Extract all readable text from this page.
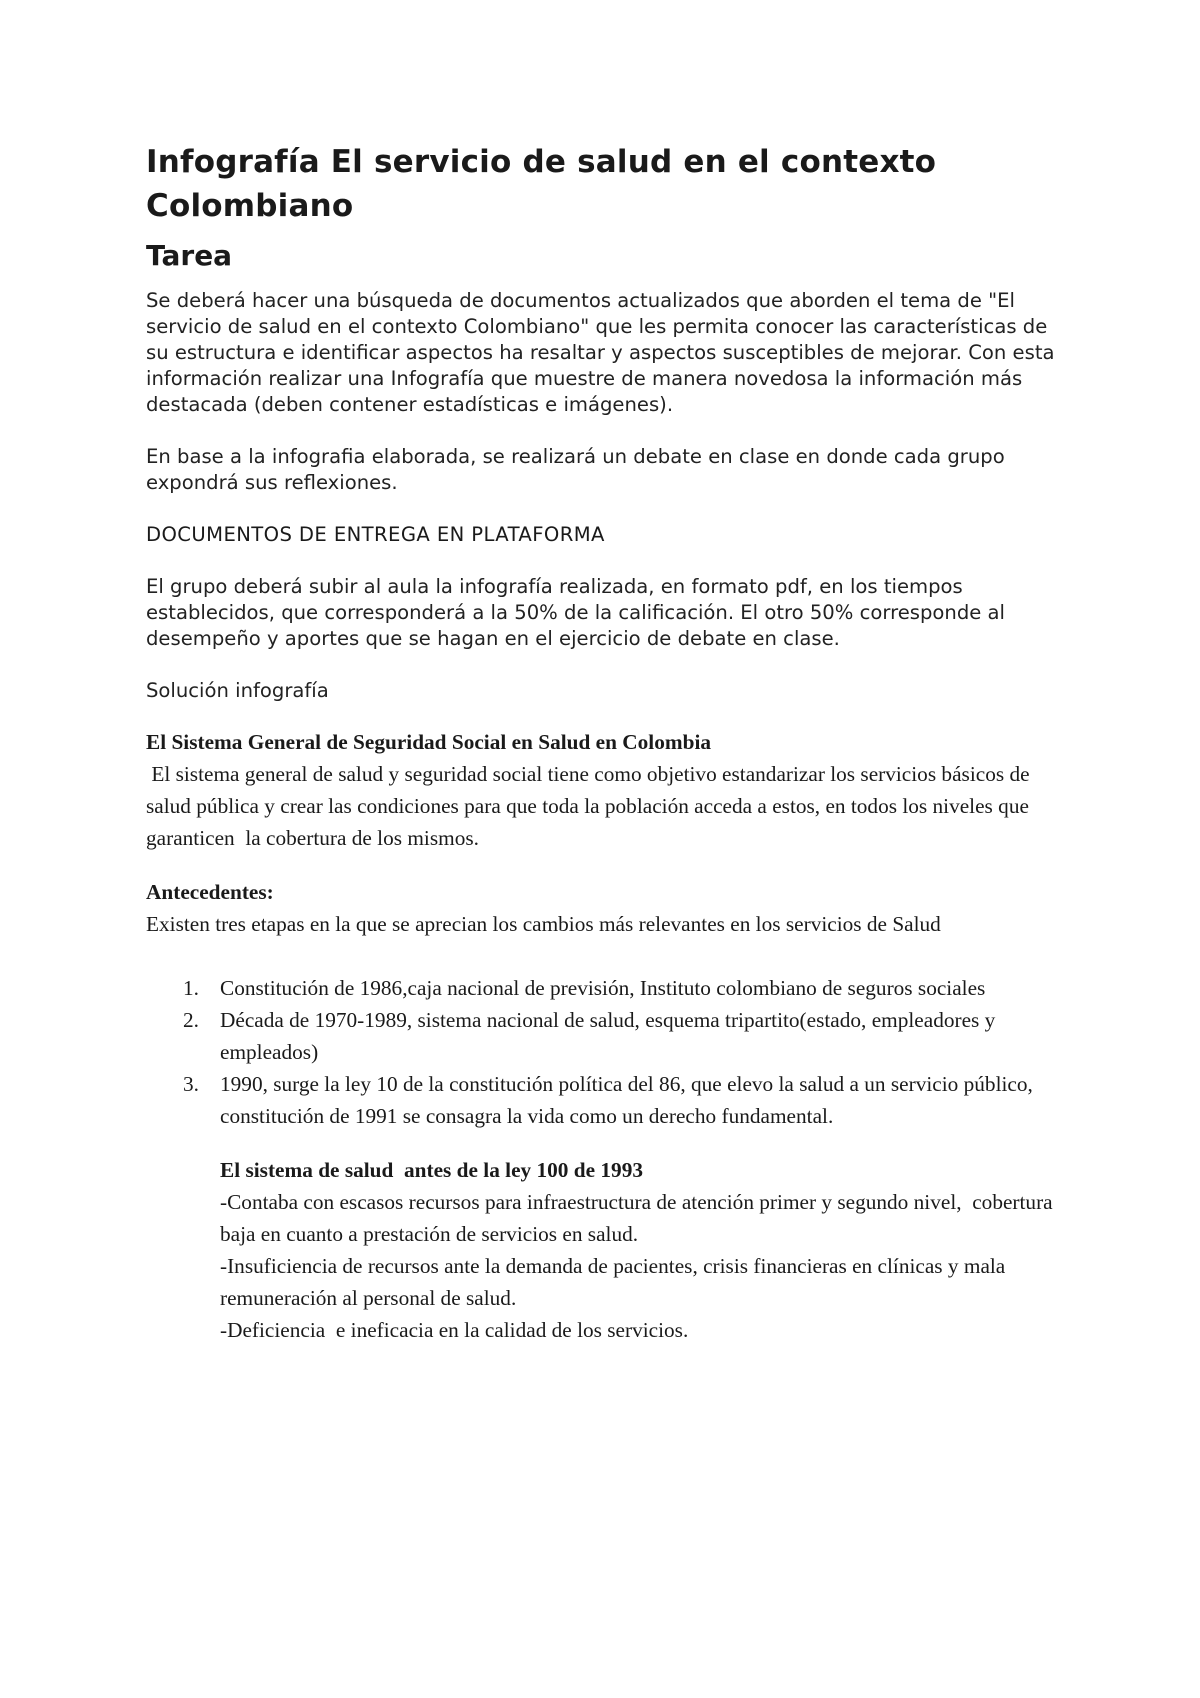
Infografía El servicio de salud en el contexto Colombiano
Tarea

Se deberá hacer una búsqueda de documentos actualizados que aborden el tema de "El servicio de salud en el contexto Colombiano" que les permita conocer las características de su estructura e identificar aspectos ha resaltar y aspectos susceptibles de mejorar. Con esta información realizar una Infografía que muestre de manera novedosa la información más destacada (deben contener estadísticas e imágenes).

En base a la infografia elaborada, se realizará un debate en clase en donde cada grupo expondrá sus reflexiones.

DOCUMENTOS DE ENTREGA EN PLATAFORMA

El grupo deberá subir al aula la infografía realizada, en formato pdf, en los tiempos establecidos, que corresponderá a la 50% de la calificación. El otro 50% corresponde al desempeño y aportes que se hagan en el ejercicio de debate en clase.

Solución infografía

El Sistema General de Seguridad Social en Salud en Colombia

El sistema general de salud y seguridad social tiene como objetivo estandarizar los servicios básicos de salud pública y crear las condiciones para que toda la población acceda a estos, en todos los niveles que   garanticen  la cobertura de los mismos.

Antecedentes:

Existen tres etapas en la que se aprecian los cambios más relevantes en los servicios de Salud

1. Constitución de 1986,caja nacional de previsión, Instituto colombiano de seguros sociales
2. Década de 1970-1989, sistema nacional de salud, esquema tripartito(estado, empleadores y empleados)
3. 1990, surge la ley 10 de la constitución política del 86, que elevo la salud a un servicio público, constitución de 1991 se consagra la vida como un derecho fundamental.

El sistema de salud  antes de la ley 100 de 1993

-Contaba con escasos recursos para infraestructura de atención primer y segundo nivel,  cobertura baja en cuanto a prestación de servicios en salud.

-Insuficiencia de recursos ante la demanda de pacientes, crisis financieras en clínicas y mala remuneración al personal de salud.

-Deficiencia  e ineficacia en la calidad de los servicios.
